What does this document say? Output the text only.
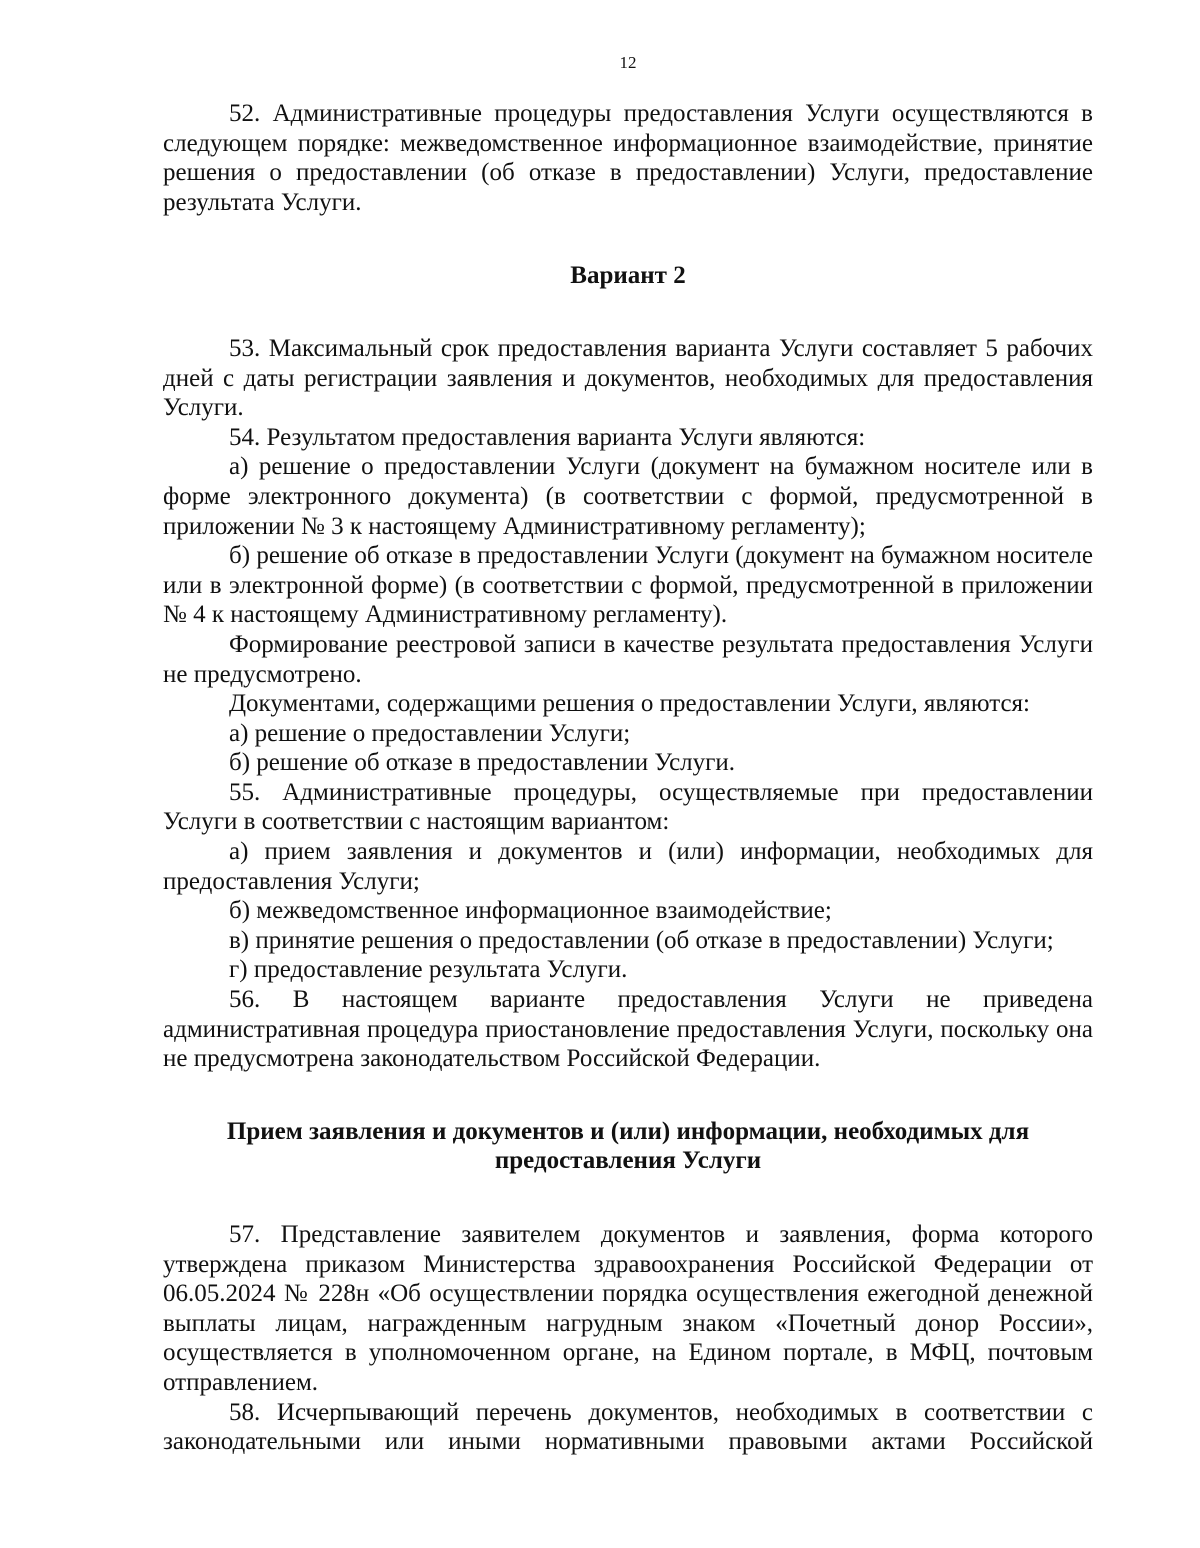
12

52. Административные процедуры предоставления Услуги осуществляются в следующем порядке: межведомственное информационное взаимодействие, принятие решения о предоставлении (об отказе в предоставлении) Услуги, предоставление результата Услуги.

Вариант 2

53. Максимальный срок предоставления варианта Услуги составляет 5 рабочих дней с даты регистрации заявления и документов, необходимых для предоставления Услуги.

54. Результатом предоставления варианта Услуги являются:

а) решение о предоставлении Услуги (документ на бумажном носителе или в форме электронного документа) (в соответствии с формой, предусмотренной в приложении № 3 к настоящему Административному регламенту);

б) решение об отказе в предоставлении Услуги (документ на бумажном носителе или в электронной форме) (в соответствии с формой, предусмотренной в приложении № 4 к настоящему Административному регламенту).

Формирование реестровой записи в качестве результата предоставления Услуги не предусмотрено.

Документами, содержащими решения о предоставлении Услуги, являются:

а) решение о предоставлении Услуги;

б) решение об отказе в предоставлении Услуги.

55. Административные процедуры, осуществляемые при предоставлении Услуги в соответствии с настоящим вариантом:

а) прием заявления и документов и (или) информации, необходимых для предоставления Услуги;

б) межведомственное информационное взаимодействие;

в) принятие решения о предоставлении (об отказе в предоставлении) Услуги;

г) предоставление результата Услуги.

56. В настоящем варианте предоставления Услуги не приведена административная процедура приостановление предоставления Услуги, поскольку она не предусмотрена законодательством Российской Федерации.

Прием заявления и документов и (или) информации, необходимых для предоставления Услуги

57. Представление заявителем документов и заявления, форма которого утверждена приказом Министерства здравоохранения Российской Федерации от 06.05.2024 № 228н «Об осуществлении порядка осуществления ежегодной денежной выплаты лицам, награжденным нагрудным знаком «Почетный донор России», осуществляется в уполномоченном органе, на Едином портале, в МФЦ, почтовым отправлением.

58. Исчерпывающий перечень документов, необходимых в соответствии с законодательными или иными нормативными правовыми актами Российской
